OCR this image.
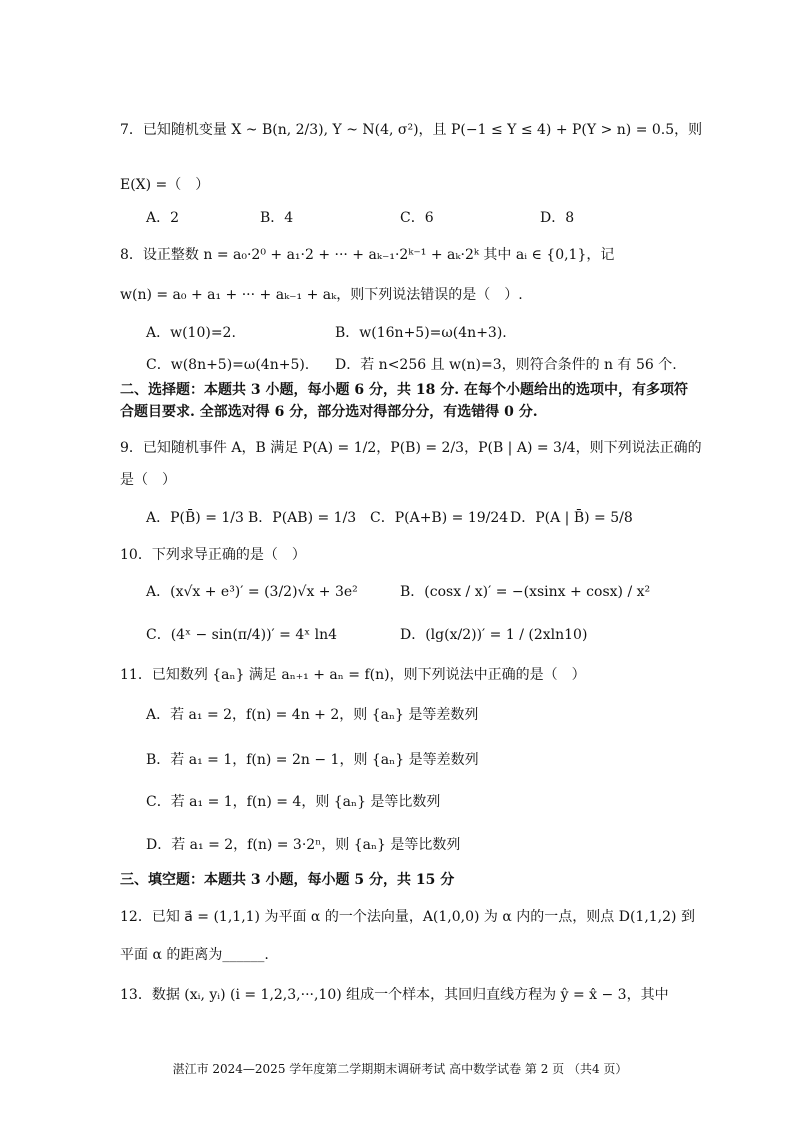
7．已知随机变量 X ~ B(n, 2/3), Y ~ N(4, σ²)，且 P(−1 ≤ Y ≤ 4) + P(Y > n) = 0.5，则
E(X) =（　）
A．2	B．4	C．6	D．8
8．设正整数 n = a₀·2⁰ + a₁·2 + ··· + aₖ₋₁·2ᵏ⁻¹ + aₖ·2ᵏ 其中 aᵢ ∈ {0,1}，记
w(n) = a₀ + a₁ + ··· + aₖ₋₁ + aₖ，则下列说法错误的是（　）.
A．w(10)=2.	B．w(16n+5)=ω(4n+3).
C．w(8n+5)=ω(4n+5). D．若 n<256 且 w(n)=3，则符合条件的 n 有 56 个.
二、选择题：本题共 3 小题，每小题 6 分，共 18 分. 在每个小题给出的选项中，有多项符
合题目要求. 全部选对得 6 分，部分选对得部分分，有选错得 0 分.
9．已知随机事件 A，B 满足 P(A) = 1/2，P(B) = 2/3，P(B | A) = 3/4，则下列说法正确的
是（　）
A．P(B̄) = 1/3 B．P(AB) = 1/3 C．P(A+B) = 19/24 D．P(A | B̄) = 5/8
10．下列求导正确的是（　）
A．(x√x + e³)′ = (3/2)√x + 3e²	B．(cosx / x)′ = −(xsinx + cosx) / x²
C．(4ˣ − sin(π/4))′ = 4ˣ ln4	D．(lg(x/2))′ = 1 / (2xln10)
11．已知数列 {aₙ} 满足 aₙ₊₁ + aₙ = f(n)，则下列说法中正确的是（　）
A．若 a₁ = 2，f(n) = 4n + 2，则 {aₙ} 是等差数列
B．若 a₁ = 1，f(n) = 2n − 1，则 {aₙ} 是等差数列
C．若 a₁ = 1，f(n) = 4，则 {aₙ} 是等比数列
D．若 a₁ = 2，f(n) = 3·2ⁿ，则 {aₙ} 是等比数列
三、填空题：本题共 3 小题，每小题 5 分，共 15 分
12．已知 a⃗ = (1,1,1) 为平面 α 的一个法向量，A(1,0,0) 为 α 内的一点，则点 D(1,1,2) 到
平面 α 的距离为______.
13．数据 (xᵢ, yᵢ) (i = 1,2,3,···,10) 组成一个样本，其回归直线方程为 ŷ = x̂ − 3，其中
湛江市 2024—2025 学年度第二学期期末调研考试 高中数学试卷 第 2 页 （共4 页）
